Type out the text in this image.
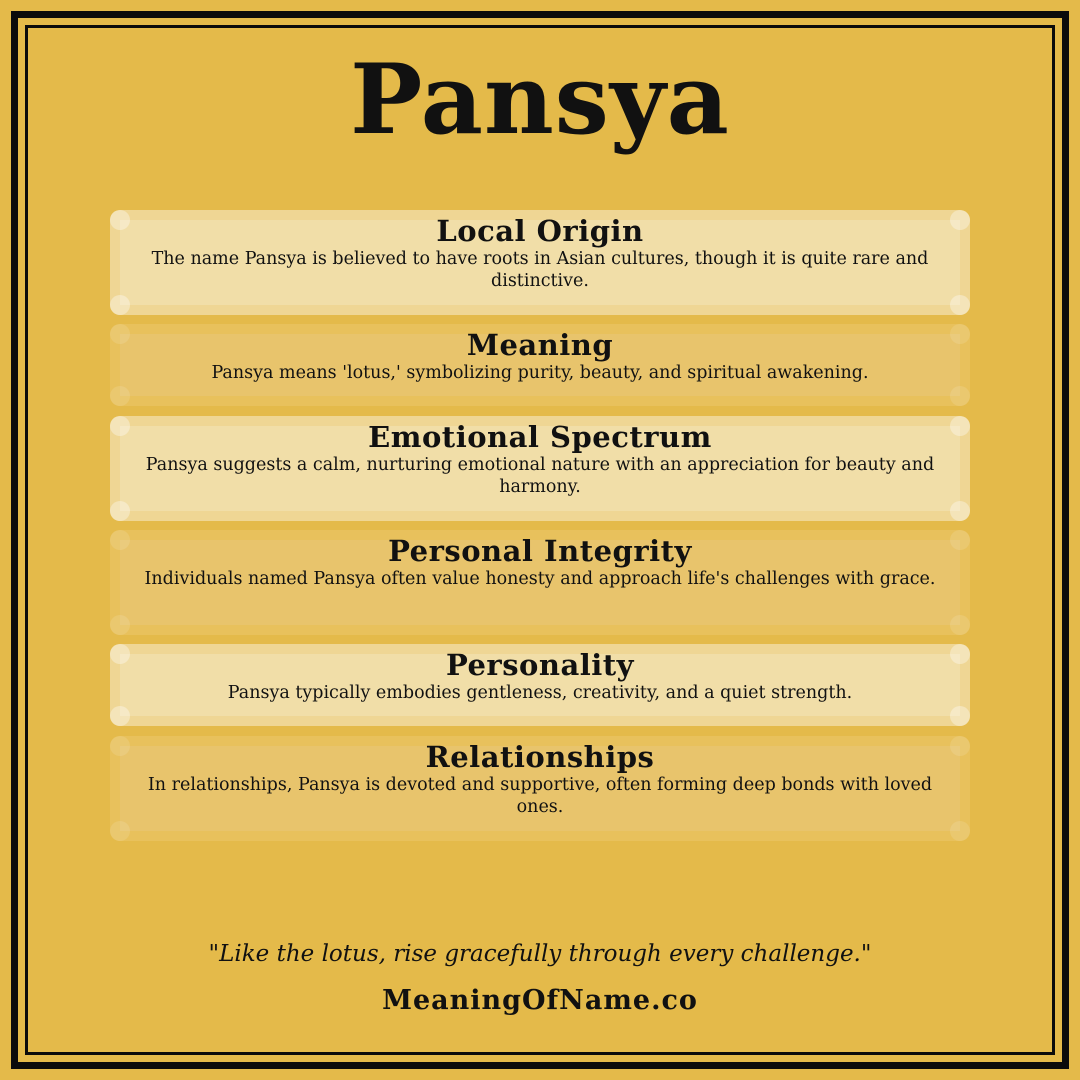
Pansya
Local Origin

The name Pansya is believed to have roots in Asian cultures, though it is quite rare and distinctive.

Meaning

Pansya means 'lotus,' symbolizing purity, beauty, and spiritual awakening.

Emotional Spectrum

Pansya suggests a calm, nurturing emotional nature with an appreciation for beauty and harmony.

Personal Integrity

Individuals named Pansya often value honesty and approach life's challenges with grace.

Personality

Pansya typically embodies gentleness, creativity, and a quiet strength.

Relationships

In relationships, Pansya is devoted and supportive, often forming deep bonds with loved ones.

"Like the lotus, rise gracefully through every challenge."
MeaningOfName.co
